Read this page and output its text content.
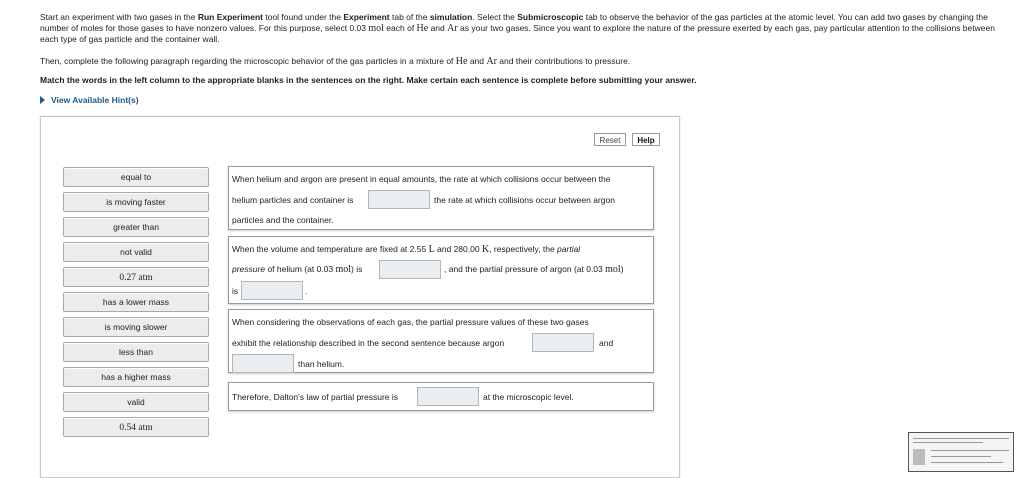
Start an experiment with two gases in the Run Experiment tool found under the Experiment tab of the simulation. Select the Submicroscopic tab to observe the behavior of the gas particles at the atomic level. You can add two gases by changing the number of moles for those gases to have nonzero values. For this purpose, select 0.03 mol each of He and Ar as your two gases. Since you want to explore the nature of the pressure exerted by each gas, pay particular attention to the collisions between each type of gas particle and the container wall.

Then, complete the following paragraph regarding the microscopic behavior of the gas particles in a mixture of He and Ar and their contributions to pressure.

Match the words in the left column to the appropriate blanks in the sentences on the right. Make certain each sentence is complete before submitting your answer.

View Available Hint(s)
Reset	Help
equal to
is moving faster
greater than
not valid
0.27 atm
has a lower mass
is moving slower
less than
has a higher mass
valid
0.54 atm
When helium and argon are present in equal amounts, the rate at which collisions occur between the
helium particles and container is	the rate at which collisions occur between argon
particles and the container.
When the volume and temperature are fixed at 2.55 L and 280.00 K, respectively, the partial
pressure of helium (at 0.03 mol) is	, and the partial pressure of argon (at 0.03 mol)
is	.
When considering the observations of each gas, the partial pressure values of these two gases
exhibit the relationship described in the second sentence because argon	and
than helium.
Therefore, Dalton's law of partial pressure is	at the microscopic level.
